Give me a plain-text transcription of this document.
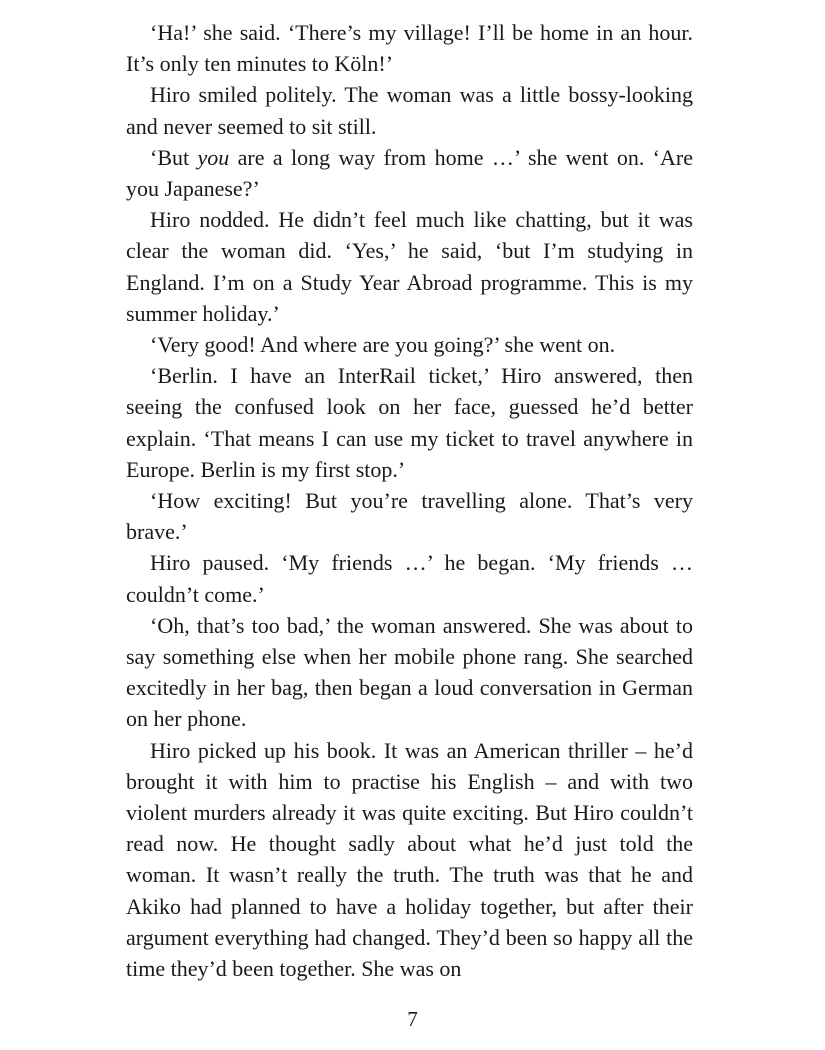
‘Ha!’ she said. ‘There’s my village! I’ll be home in an hour. It’s only ten minutes to Köln!’

Hiro smiled politely. The woman was a little bossy-looking and never seemed to sit still.

‘But you are a long way from home …’ she went on. ‘Are you Japanese?’

Hiro nodded. He didn’t feel much like chatting, but it was clear the woman did. ‘Yes,’ he said, ‘but I’m studying in England. I’m on a Study Year Abroad programme. This is my summer holiday.’

‘Very good! And where are you going?’ she went on.

‘Berlin. I have an InterRail ticket,’ Hiro answered, then seeing the confused look on her face, guessed he’d better explain. ‘That means I can use my ticket to travel anywhere in Europe. Berlin is my first stop.’

‘How exciting! But you’re travelling alone. That’s very brave.’

Hiro paused. ‘My friends …’ he began. ‘My friends … couldn’t come.’

‘Oh, that’s too bad,’ the woman answered. She was about to say something else when her mobile phone rang. She searched excitedly in her bag, then began a loud conversation in German on her phone.

Hiro picked up his book. It was an American thriller – he’d brought it with him to practise his English – and with two violent murders already it was quite exciting. But Hiro couldn’t read now. He thought sadly about what he’d just told the woman. It wasn’t really the truth. The truth was that he and Akiko had planned to have a holiday together, but after their argument everything had changed. They’d been so happy all the time they’d been together. She was on

7
